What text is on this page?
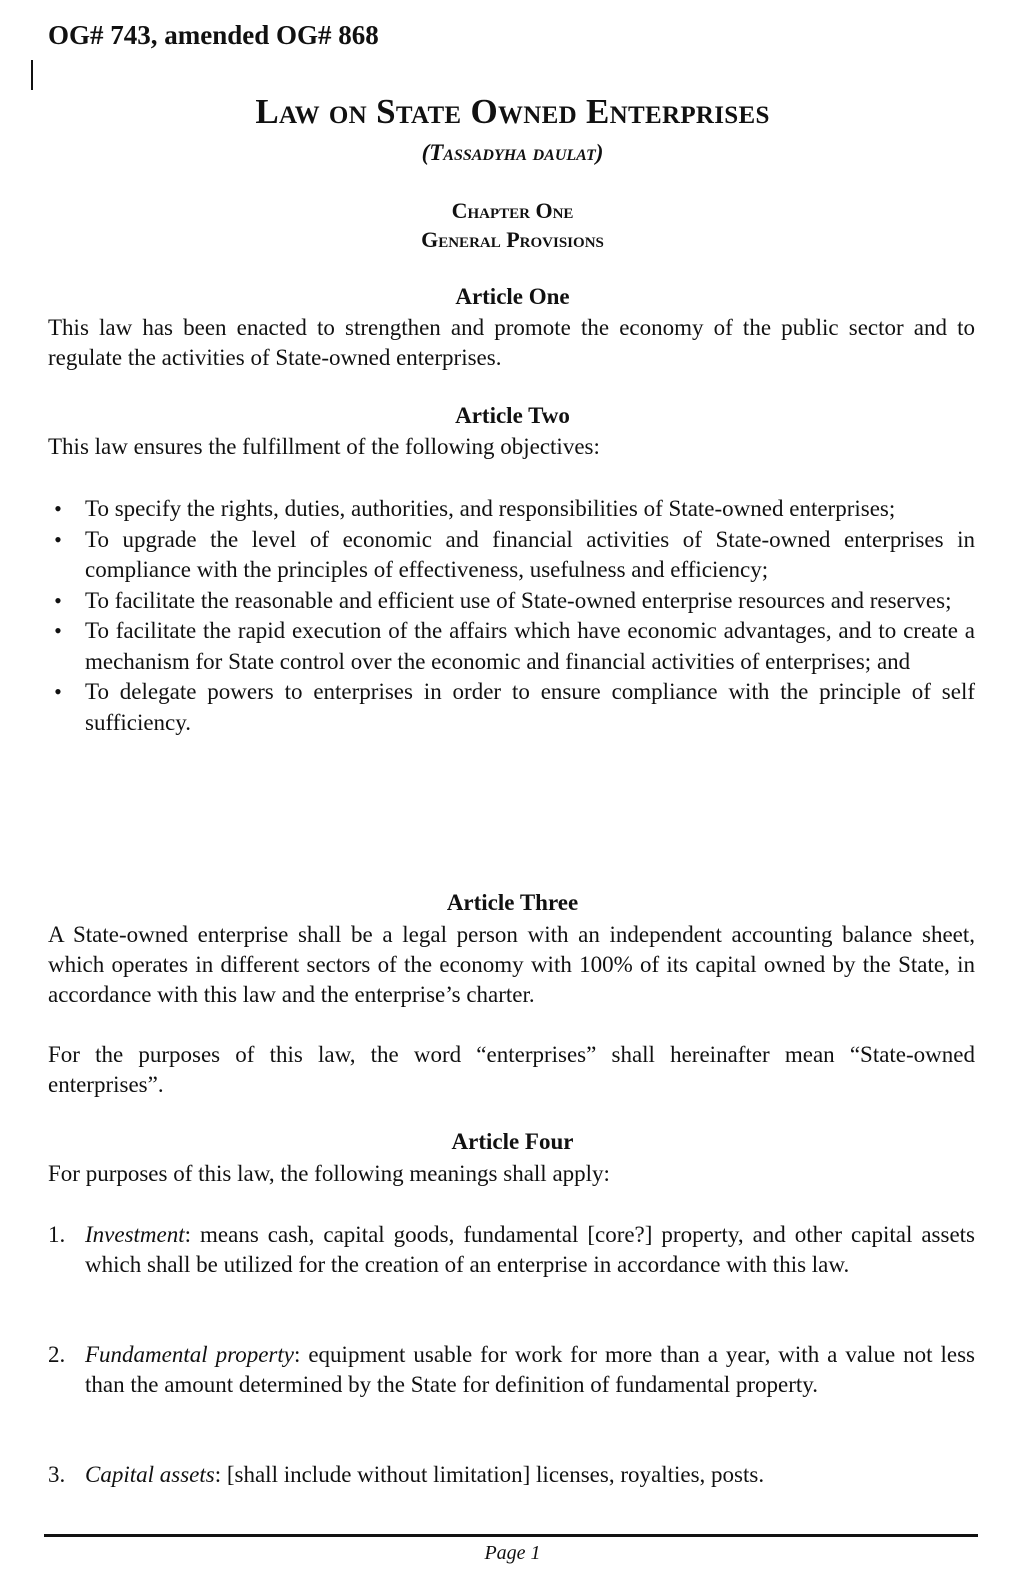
OG# 743, amended OG# 868
Law on State Owned Enterprises
(Tassadyha daulat)
Chapter One
General Provisions
Article One

This law has been enacted to strengthen and promote the economy of the public sector and to regulate the activities of State-owned enterprises.

Article Two

This law ensures the fulfillment of the following objectives:

• To specify the rights, duties, authorities, and responsibilities of State-owned enterprises;
• To upgrade the level of economic and financial activities of State-owned enterprises in compliance with the principles of effectiveness, usefulness and efficiency;
• To facilitate the reasonable and efficient use of State-owned enterprise resources and reserves;
• To facilitate the rapid execution of the affairs which have economic advantages, and to create a mechanism for State control over the economic and financial activities of enterprises; and
• To delegate powers to enterprises in order to ensure compliance with the principle of self sufficiency.
Article Three

A State-owned enterprise shall be a legal person with an independent accounting balance sheet, which operates in different sectors of the economy with 100% of its capital owned by the State, in accordance with this law and the enterprise’s charter.

For the purposes of this law, the word “enterprises” shall hereinafter mean “State-owned enterprises”.

Article Four

For purposes of this law, the following meanings shall apply:

1. Investment: means cash, capital goods, fundamental [core?] property, and other capital assets which shall be utilized for the creation of an enterprise in accordance with this law.
2. Fundamental property: equipment usable for work for more than a year, with a value not less than the amount determined by the State for definition of fundamental property.
3. Capital assets: [shall include without limitation] licenses, royalties, posts.
Page 1
